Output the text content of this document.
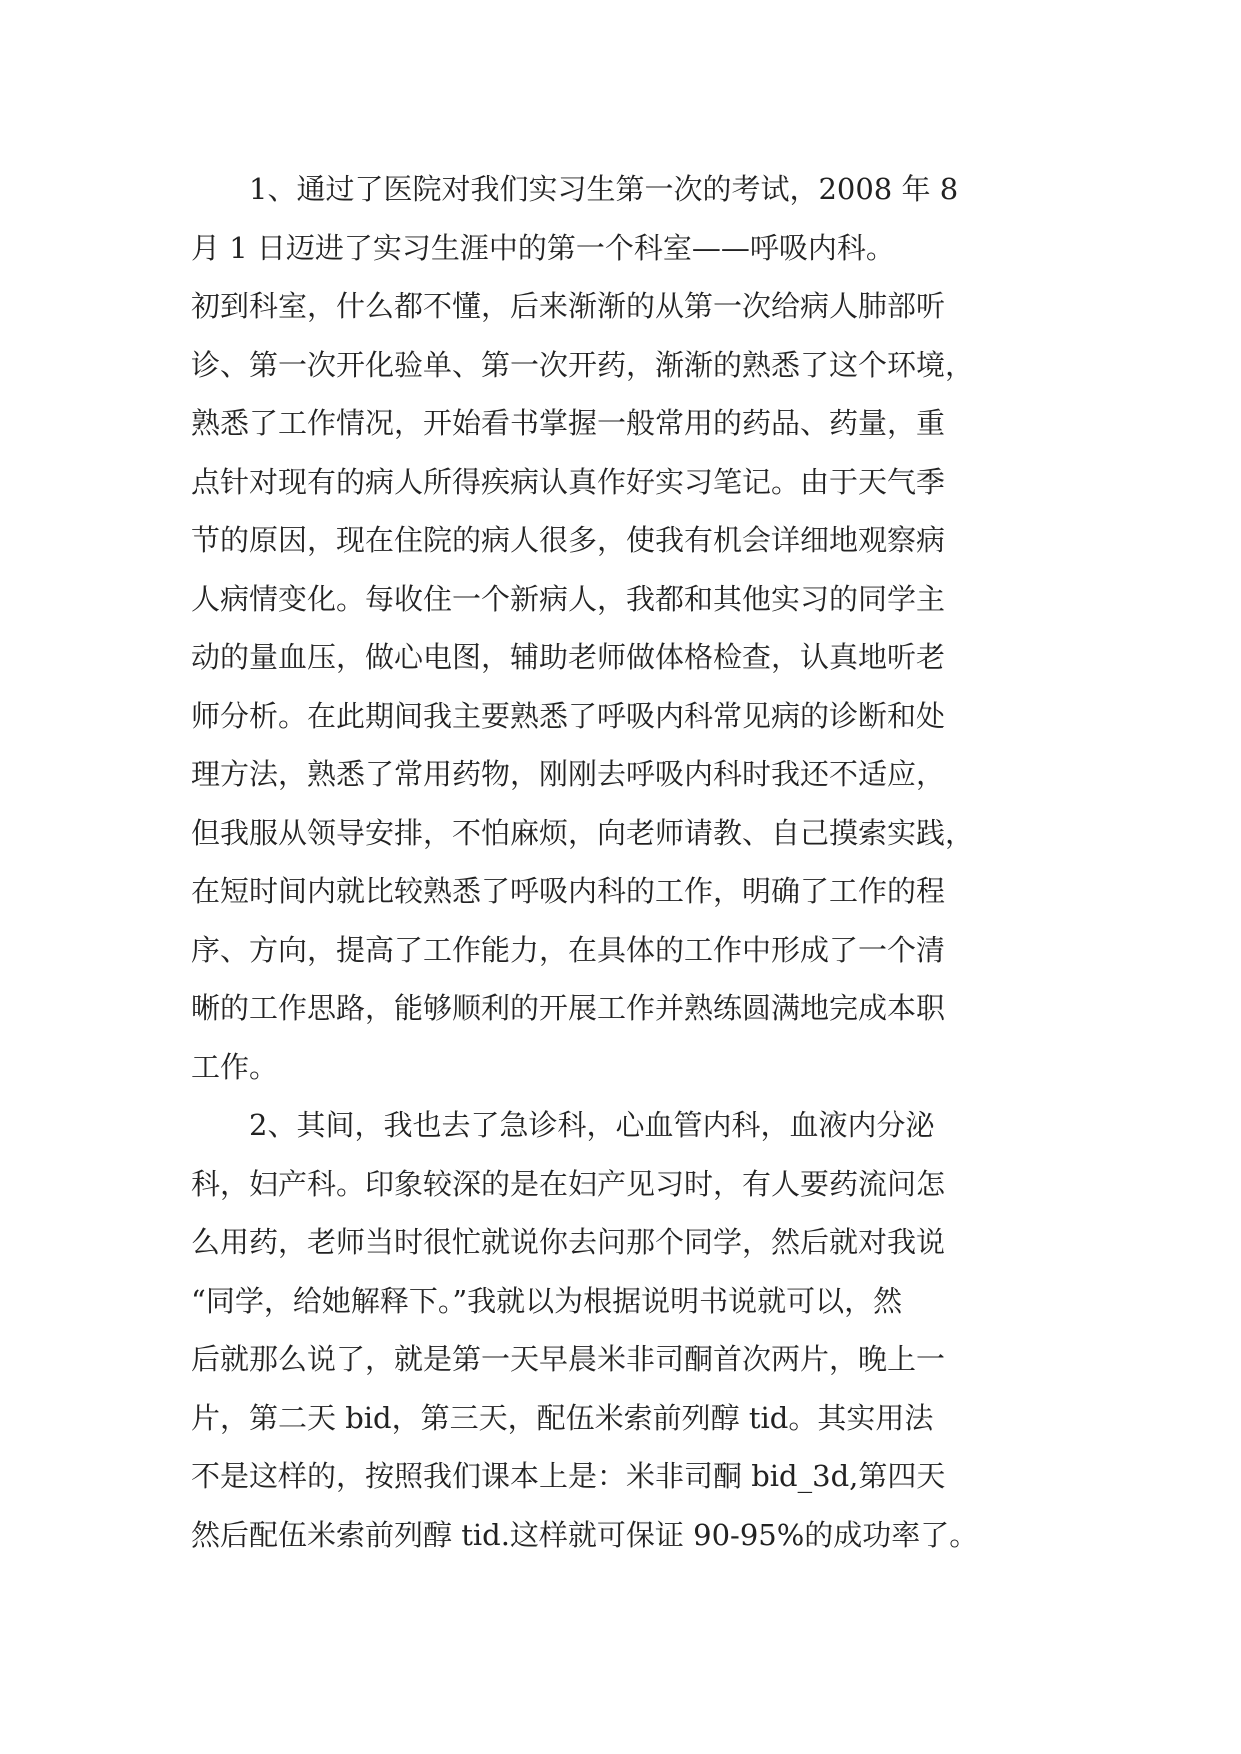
1、通过了医院对我们实习生第一次的考试，2008 年 8
月 1 日迈进了实习生涯中的第一个科室——呼吸内科。
初到科室，什么都不懂，后来渐渐的从第一次给病人肺部听
诊、第一次开化验单、第一次开药，渐渐的熟悉了这个环境，
熟悉了工作情况，开始看书掌握一般常用的药品、药量，重
点针对现有的病人所得疾病认真作好实习笔记。由于天气季
节的原因，现在住院的病人很多，使我有机会详细地观察病
人病情变化。每收住一个新病人，我都和其他实习的同学主
动的量血压，做心电图，辅助老师做体格检查，认真地听老
师分析。在此期间我主要熟悉了呼吸内科常见病的诊断和处
理方法，熟悉了常用药物，刚刚去呼吸内科时我还不适应，
但我服从领导安排，不怕麻烦，向老师请教、自己摸索实践，
在短时间内就比较熟悉了呼吸内科的工作，明确了工作的程
序、方向，提高了工作能力，在具体的工作中形成了一个清
晰的工作思路，能够顺利的开展工作并熟练圆满地完成本职
工作。
2、其间，我也去了急诊科，心血管内科，血液内分泌
科，妇产科。印象较深的是在妇产见习时，有人要药流问怎
么用药，老师当时很忙就说你去问那个同学，然后就对我说
“同学，给她解释下。”我就以为根据说明书说就可以，然
后就那么说了，就是第一天早晨米非司酮首次两片，晚上一
片，第二天 bid，第三天，配伍米索前列醇 tid。其实用法
不是这样的，按照我们课本上是：米非司酮 bid_3d,第四天
然后配伍米索前列醇 tid.这样就可保证 90-95%的成功率了。
